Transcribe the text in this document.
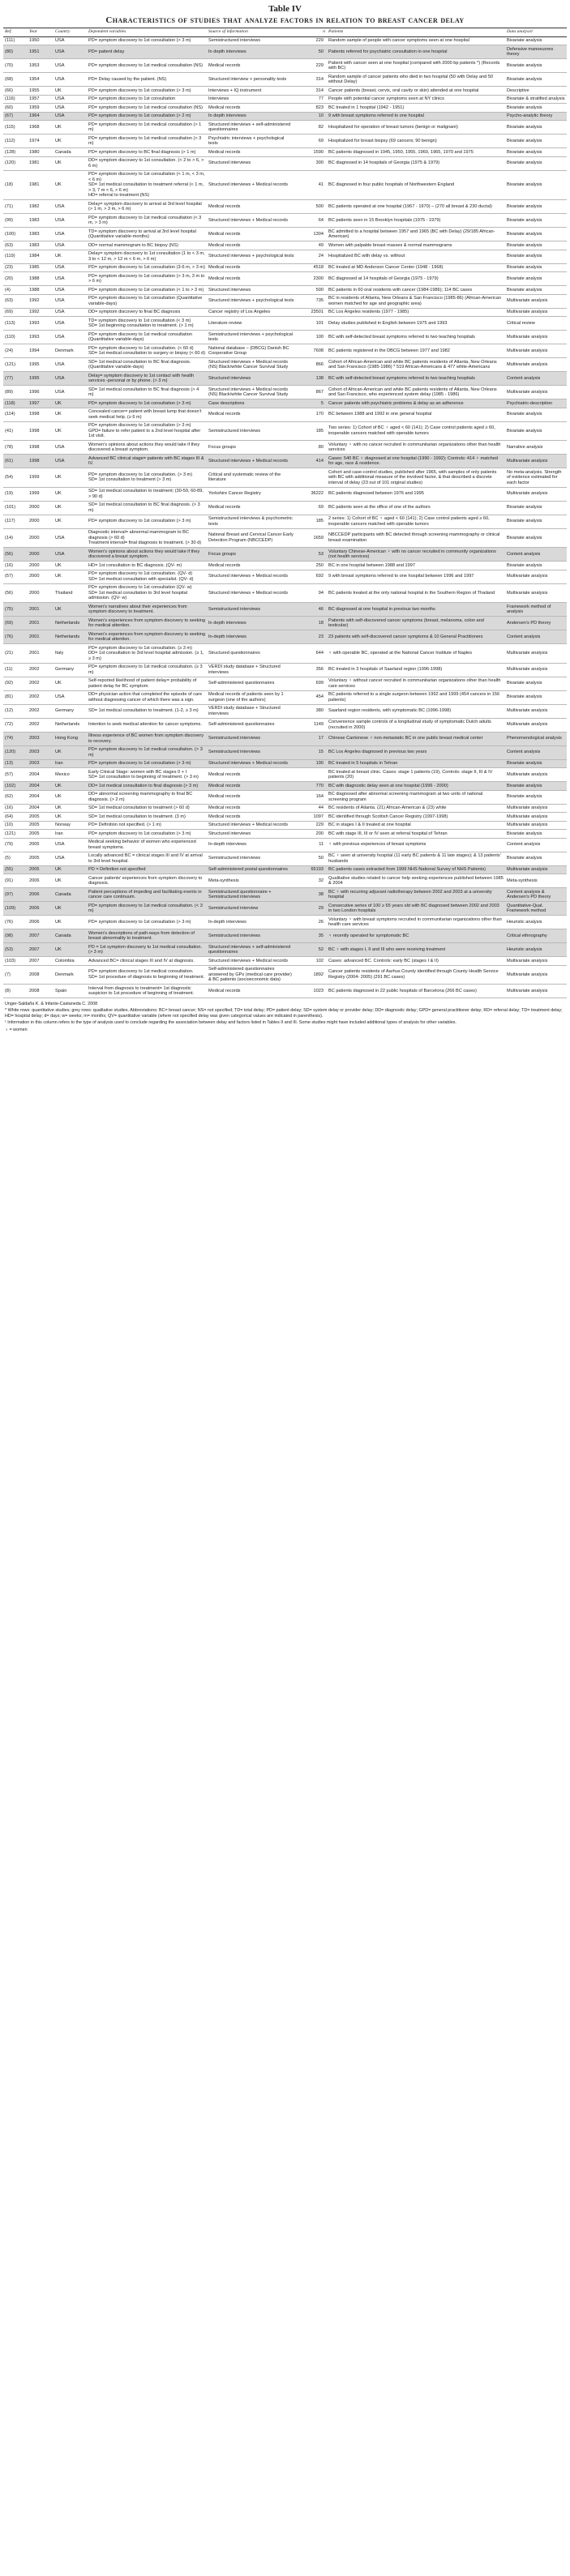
Table IV
Characteristics of studies that analyze factors in relation to breast cancer delay
Ref.	Year	Country	Dependent variables	Source of information	n	Patients	Data analysis¹
(111)	1950	USA	PD= symptom discovery to 1st consultation (> 3 m)	Semistructured interviews	229	Random sample of people with cancer symptoms seen at one hospital	Bivariate analysis
(80)	1951	USA	PD= patient delay	In depth interviews	50	Patients referred for psychiatric consultation in one hospital	Defensive manoeuvres theory
(70)	1953	USA	PD= symptom discovery to 1st medical consultation (NS)	Medical records	229	Patient with cancer seen at one hospital (compared with 2000 bp patients *) (Records with BC)	Bivariate analysis
(68)	1954	USA	PD= Delay caused by the patient. (NS)	Structured interview + personality tests	314	Random sample of cancer patients who died in two hospital (50 with Delay and 50 without Delay)	Bivariate analysis
(66)	1955	UK	PD= symptom discovery to 1st consultation (> 3 m)	Interviews + IQ instrument	314	Cancer patients (breast, cervix, oral cavity or skin) attended at one hospital	Descriptive
(116)	1957	USA	PD= symptom discovery to 1st consultation	Interviews	77	People with potential cancer symptoms seen at NY clinics	Bivariate & stratified analysis
(60)	1959	USA	PD= symptom discovery to 1st medical consultation (NS)	Medical records	823	BC treated in 1 hospital (1942 - 1951)	Bivariate analysis
(67)	1964	USA	PD= symptom discovery to 1st consultation (> 2 m)	In depth interviews	10	9 with breast symptoms referred to one hospital	Psycho-analytic theory
(115)	1968	UK	PD= symptom discovery to 1st medical consultation (> 1 m)	Structured interviews + self-administered questionnaires	82	Hospitalized for operation of breast tumors (benign or malignant)	Bivariate analysis
(112)	1974	UK	PD= symptom discovery to 1st medical consultation (> 3 m)	Psychiatric interviews + psychological tests	69	Hospitalized for breast biopsy (69 cancers; 90 benign)	Bivariate analysis
(128)	1980	Canada	PD= symptom discovery to BC final diagnosis (> 1 m)	Medical records	1590	BC patients diagnosed in 1945, 1950, 1955, 1960, 1965, 1970 and 1975	Bivariate analysis
(120)	1981	UK	DD= symptom discovery to 1st consultation. (< 2 to > 6, > 6 m)	Structured interviews	300	BC diagnosed in 14 hospitals of Georgia (1975 & 1979)	Bivariate analysis
(18)	1981	UK	PD= symptom discovery to 1st consultation (< 1 m, < 3 m, < 6 m)
SD= 1st medical consultation to treatment referral (< 1 m, > 3, 7 m < 6, > 6 m)
HD= referral to treatment (NS)	Structured interviews + Medical records	41	BC diagnosed in four public hospitals of Northwestern England	Bivariate analysis
(71)	1982	USA	Delay= symptom discovery to arrival at 3rd level hospital (> 1 m, > 3 m, > 6 m)	Medical records	500	BC patients operated at one hospital (1967 - 1970) – (270 all breast & 230 ductal)	Bivariate analysis
(99)	1983	USA	PD= symptom discovery to 1st medical consultation (< 3 m, > 3 m)	Structured interviews + Medical records	64	BC patients seen in 15 Brooklyn hospitals (1975 - 1979)	Bivariate analysis
(100)	1983	USA	TD= symptom discovery to arrival at 3rd level hospital
(Quantitative variable-months)	Medical records	1304	BC admitted to a hospital between 1957 and 1965 (BC with Delay) (29/185 African-American)	Bivariate analysis
(63)	1983	USA	DD= normal mammogram to BC biopsy (NS)	Medical records	49	Women with palpable breast masses & normal mammograms	Bivariate analysis
(119)	1984	UK	Delay= symptom discovery to 1st consultation (1 to < 3 m, 3 to < 12 m, > 12 m < 6 m, > 6 m)	Structured interviews + psychological tests	24	Hospitalized BC with delay vs. without	Bivariate analysis
(23)	1985	USA	PD= symptom discovery to 1st consultation (3-6 m, > 3 m)	Medical records	4518	BC treated at MD Anderson Cancer Center (1948 - 1968)	Bivariate analysis
(20)	1988	USA	PD= symptom discovery to 1st consultation (> 3 m, 3 m to > 6 m)	Medical records	2300	BC diagnosed at 14 hospitals of Georgia (1975 - 1979)	Bivariate analysis
(4)	1988	USA	PD= symptom discovery to 1st consultation (< 1 to > 3 m)	Structured interviews	500	BC patients in 60 oral residents with cancer (1984-1986); 114 BC cases	Bivariate analysis
(63)	1992	USA	PD= symptom discovery to 1st consultation (Quantitative variable-days)	Structured interviews + psychological tests	735	BC in residents of Atlanta, New Orleans & San Francisco (1985-86) (African-American women matched for age and geographic area)	Multivariate analysis
(69)	1992	USA	DD= symptom discovery to final BC diagnosis	Cancer registry of Los Angeles	23501	BC Los Angeles residents (1977 - 1985)	Multivariate analysis
(113)	1993	USA	TD= symptom discovery to 1st consultation (< 3 m)
SD= 1st beginning consultation to treatment. (> 1 m)	Literature review	101	Delay studies published in English between 1975 and 1993	Critical review
(110)	1993	USA	PD= symptom discovery to 1st medical consultation
(Quantitative variable-days)	Semistructured interviews + psychological tests	100	BC with self-detected breast symptoms referred to two teaching hospitals	Multivariate analysis
(24)	1994	Denmark	PD= symptom discovery to 1st consultation. (< 60 d)
SD= 1st medical consultation to surgery or biopsy (< 60 d)	National database – (DBCG) Danish BC Cooperative Group	7608	BC patients registered in the DBCG between 1977 and 1982	Multivariate analysis
(121)	1995	USA	SD= 1st medical consultation to BC final diagnosis.
(Quantitative variable-days)	Structured interviews + Medical records (NS) Black/white Cancer Survival Study	866	Cohort of African-American and white BC patients residents of Atlanta, New Orleans and San Francisco (1985-1986) * 519 African-Americans & 477 white-Americans	Multivariate analysis
(77)	1995	USA	Delay= symptom discovery to 1st contact with health services -personal or by phone. (> 3 m)	Structured interviews	138	BC with self-detected breast symptoms referred to two teaching hospitals	Content analysis
(89)	1996	USA	SD= 1st medical consultation to BC final diagnosis (> 4 m)	Structured interviews + Medical records (NS) Black/white Cancer Survival Study	867	Cohort of African-American and white BC patients residents of Atlanta, New Orleans and San Francisco, who experienced system delay (1985 - 1986)	Multivariate analysis
(118)	1997	UK	PD= symptom discovery to 1st consultation (> 3 m)	Case descriptions	5	Cancer patients with psychiatric problems & delay as an adherence	Psychiatric-description
(114)	1998	UK	Concealed cancer= patient with breast lump that doesn't seek medical help. (≥ 6 m)	Medical records	170	BC between 1988 and 1992 in one general hospital	Bivariate analysis
(41)	1998	UK	PD= symptom discovery to 1st consultation (> 3 m)
GPD= failure to refer patient to a 2nd level hospital after 1st visit.	Semistructured interviews	185	Two series: 1) Cohort of BC ♀ aged < 60 (141); 2) Case control patients aged ≥ 60, inoperable cancers matched with operable tumors	Bivariate analysis
(78)	1998	USA	Women's opinions about actions they would take if they discovered a breast symptom.	Focus groups	80	Voluntary ♀ with no cancer recruited in communitarian organizations other than health services	Narrative analysis
(61)	1998	USA	Advanced BC clinical stage= patients with BC stages III & IV.	Structured interviews + Medical records	414	Cases: 540 BC ♀ diagnosed at one hospital (1990 - 1992); Controls: 414 ♀ matched for age, race & residence.	Multivariate analysis
(54)	1999	UK	PD= symptom discovery to 1st consultation. (> 3 m)
SD= 1st consultation to treatment (> 3 m)	Critical and systematic review of the literature		Cohort and case-control studies, published after 1965, with samples of only patients with BC with additional measure of the involved factor, & that described a discrete interval of delay (23 out of 101 original studies)	No meta-analysis. Strength of evidence estimated for each factor
(19)	1999	UK	SD= 1st medical consultation to treatment; (30-59, 60-89, > 90 d)	Yorkshire Cancer Registry	36222	BC patients diagnosed between 1976 and 1995	Multivariate analysis
(101)	2000	UK	SD= 1st medical consultation to BC final diagnosis. (> 3 m)	Medical records	69	BC patients seen at the office of one of the authors	Bivariate analysis
(117)	2000	UK	PD= symptom discovery to 1st consultation (> 3 m)	Semistructured interviews & psychometric tests	185	2 series: 1) Cohort of BC ♀ aged < 60 (141); 2) Case control patients aged ≥ 60, inoperable cancers matched with operable tumors	Bivariate analysis
(14)	2000	USA	Diagnostic interval= abnormal mammogram to BC diagnosis (> 60 d)
Treatment interval= final diagnosis to treatment. (> 30 d)	National Breast and Cervical Cancer Early Detection Program (NBCCEDP)	1659	NBCCEDP participants with BC detected through screening mammography or clinical breast examination	Bivariate analysis
(56)	2000	USA	Women's opinions about actions they would take if they discovered a breast symptom.	Focus groups	53	Voluntary Chinese-American ♀ with no cancer recruited in community organizations (not health services)	Content analysis
(16)	2000	UK	HD= 1st consultation to BC diagnosis. (QV- m)	Medical records	250	BC in one hospital between 1988 and 1997	Bivariate analysis
(57)	2000	UK	PD= symptom discovery to 1st consultation. (QV- d)
SD= 1st medical consultation with specialist. (QV- d)	Structured interviews + Medical records	692	9 with breast symptoms referred to one hospital between 1996 and 1997	Multivariate analysis
(56)	2000	Thailand	PD= symptom discovery to 1st consultation (QV- w)
SD= 1st medical consultation to 3rd level hospital admission. (QV- w)	Structured interviews + Medical records	94	BC patients treated at the only national hospital in the Southern Region of Thailand	Multivariate analysis
(75)	2001	UK	Women's narratives about their experiences from symptom discovery to treatment.	Semistructured interviews	46	BC diagnosed at one hospital in previous two months	Framework method of analysis
(69)	2001	Netherlands	Women's experiences from symptom discovery to seeking for medical attention.	In depth interviews	18	Patients with self-discovered cancer symptoms (breast, melanoma, colon and testicular)	Andersen's PD theory
(76)	2001	Netherlands	Women's experiences from symptom discovery to seeking for medical attention.	In-depth interviews	23	23 patients with self-discovered cancer symptoms & 10 General Practitioners	Content analysis
(21)	2001	Italy	PD= symptom discovery to 1st consultation. (≥ 3 m)
DD= 1st consultation to 3rd level hospital admission. (≥ 1, ≥ 3 m)	Structured questionnaires	644	♀ with operable BC, operated at the National Cancer Institute of Naples	Multivariate analysis
(11)	2002	Germany	PD= symptom discovery to 1st medical consultation. (≥ 3 m)	VERDI study database + Structured interviews	356	BC treated in 3 hospitals of Saarland region (1996-1998)	Multivariate analysis
(92)	2002	UK	Self-reported likelihood of patient delay= probability of patient delay for BC symptom.	Self-administered questionnaires	699	Voluntary ♀ without cancer recruited in communitarian organizations other than health care services	Bivariate analysis
(81)	2002	USA	DD= physician action that completed the episode of care without diagnosing cancer of which there was a sign.	Medical records of patients seen by 1 surgeon (one of the authors)	454	BC patients referred to a single surgeon between 1992 and 1999 (454 cancers in 156 patients)	Bivariate analysis
(12)	2002	Germany	SD= 1st medical consultation to treatment. (1-2, ≥ 3 m)	VERDI study database + Structured interviews	380	Saarland region residents, with symptomatic BC (1996-1998)	Multivariate analysis
(72)	2002	Netherlands	Intention to seek medical attention for cancer symptoms.	Self-administered questionnaires	1149	Convenience sample controls of a longitudinal study of symptomatic Dutch adults (recruited in 2000)	Multivariate analysis
(74)	2003	Hong Kong	Illness experience of BC women from symptom discovery to recovery.	Semistructured interviews	17	Chinese Cantonese ♀ non-metastatic BC in one public breast medical center	Phenomenological analysis
(120)	2003	UK	PD= symptom discovery to 1st medical consultation. (> 3 m)	Semistructured interviews	15	BC Los Angeles diagnosed in previous two years	Content analysis
(13)	2003	Iran	PD= symptom discovery to 1st consultation (> 3 m)	Structured interviews + Medical records	190	BC treated in 5 hospitals in Tehran	Bivariate analysis
(57)	2004	Mexico	Early Clinical Stage: women with BC stages 0 + I
SD= 1st consultation to beginning of treatment. (> 3 m)	Medical records		BC treated at breast clinic. Cases: stage 1 patients (19), Controls: stage II, III & IV patients (20)	Multivariate analysis
(102)	2004	UK	DD= 1st medical consultation to final diagnosis (> 3 m)	Medical records	770	BC with diagnostic delay seen at one hospital (1996 - 2000)	Bivariate analysis
(62)	2004	UK	DD= abnormal screening mammography to final BC diagnosis. (> 2 m)	Medical records	164	BC diagnosed after abnormal screening mammogram at two units of national screening program	Bivariate analysis
(16)	2004	UK	SD= 1st medical consultation to treatment (> 60 d)	Medical records	44	BC residents of Atlanta. (21) African-American & (23) white	Multivariate analysis
(64)	2005	UK	SD= 1st medical consultation to treatment. (3 m)	Medical records	1097	BC identified through Scottish Cancer Registry (1997-1998)	Multivariate analysis
(10)	2005	Norway	PD= Definition not specified. (> 1 m)	Structured interviews + Medical records	229	BC in stages I & II treated at one hospital	Multivariate analysis
(121)	2005	Iran	PD= symptom discovery to 1st consultation (> 3 m)	Structured interviews	200	BC with stage III, III or IV seen at referral hospital of Tehran	Bivariate analysis
(79)	2005	USA	Medical seeking behavior of women who experienced breast symptoms.	In-depth interviews	11	♀ with previous experiences of breast symptoms	Content analysis
(5)	2005	USA	Locally advanced BC = clinical stages III and IV at arrival to 3rd level hospital.	Semistructured interviews	50	BC ♀ seen at university hospital (11 early BC patients & 11 late stages); & 13 patients' husbands	Bivariate analysis
(55)	2005	UK	PD = Definition not specified	Self-administered postal questionnaires	65193	BC patients cases extracted from 1999 NHS National Survey of NHS Patients)	Multivariate analysis
(91)	2006	UK	Cancer patients' experiences from symptom discovery to diagnosis.	Meta-synthesis	32	Qualitative studies related to cancer help seeking experiences published between 1985 & 2004	Meta-synthesis
(97)	2006	Canada	Patient perceptions of impeding and facilitating events in cancer care continuum.	Semistructured questionnaire + Semistructured interviews	38	BC ♀ with recurring adjuvant radiotherapy between 2002 and 2003 at a university hospital	Content analysis & Andersen's PD theory
(109)	2006	UK	PD= symptom discovery to 1st medical consultation. (< 3 m)	Semistructured interview	29	Consecutive series of 100 ≥ 65 years old with BC diagnosed between 2002 and 2003 in two London hospitals	Quantitative-Qual. Framework method
(76)	2006	UK	PD= symptom discovery to 1st consultation (> 3 m)	In-depth interviews	26	Voluntary ♀ with breast symptoms recruited in communitarian organizations other than health care services	Heuristic analysis
(98)	2007	Canada	Women's descriptions of path-ways from detection of breast abnormality to treatment.	Semistructured interviews	35	♀ recently operated for symptomatic BC	Critical ethnography
(53)	2007	UK	PD = 1st symptom discovery to 1st medical consultation. (> 3 m)	Structured interviews + self-administered questionnaires	52	BC ♀ with stages I, II and III who were receiving treatment	Heuristic analysis
(103)	2007	Colombia	Advanced BC= clinical stages III and IV at diagnosis.	Structured interviews + Medical records	102	Cases: advanced BC. Controls: early BC (stages I & II)	Multivariate analysis
(7)	2008	Denmark	PD= symptom discovery to 1st medical consultation.
SD= 1st procedure of diagnosis to beginning of treatment.	Self-administered questionnaires answered by GPs (medical care provider) & BC patients (socioeconomic data)	1892	Cancer patients residents of Aarhus County identified through County Health Service Registry (2004- 2005) (291 BC cases)	Multivariate analysis
(8)	2008	Spain	Interval from diagnosis to treatment= 1st diagnostic suspicion to 1st procedure of beginning of treatment.	Medical records	1023	BC patients diagnosed in 22 public hospitals of Barcelona (266 BC cases)	Multivariate analysis

Unger-Saldaña K. & Infante-Castaneda C. 2008

* White rows: quantitative studies; grey rows: qualitative studies. Abbreviations: BC= breast cancer; NS= not specified; TD= total delay; PD= patient delay; SD= system delay or provider delay; DD= diagnostic delay; GPD= general practitioner delay; RD= referral delay; TD= treatment delay; HD= hospital delay; d= days; w= weeks; m= months; QV= quantitative variable (where not specified delay was given categorical values are indicated in parenthesis).

¹ Information in this column refers to the type of analysis used to conclude regarding the association between delay and factors listed in Tables II and III. Some studies might have included additional types of analysis for other variables.

♀ = women
